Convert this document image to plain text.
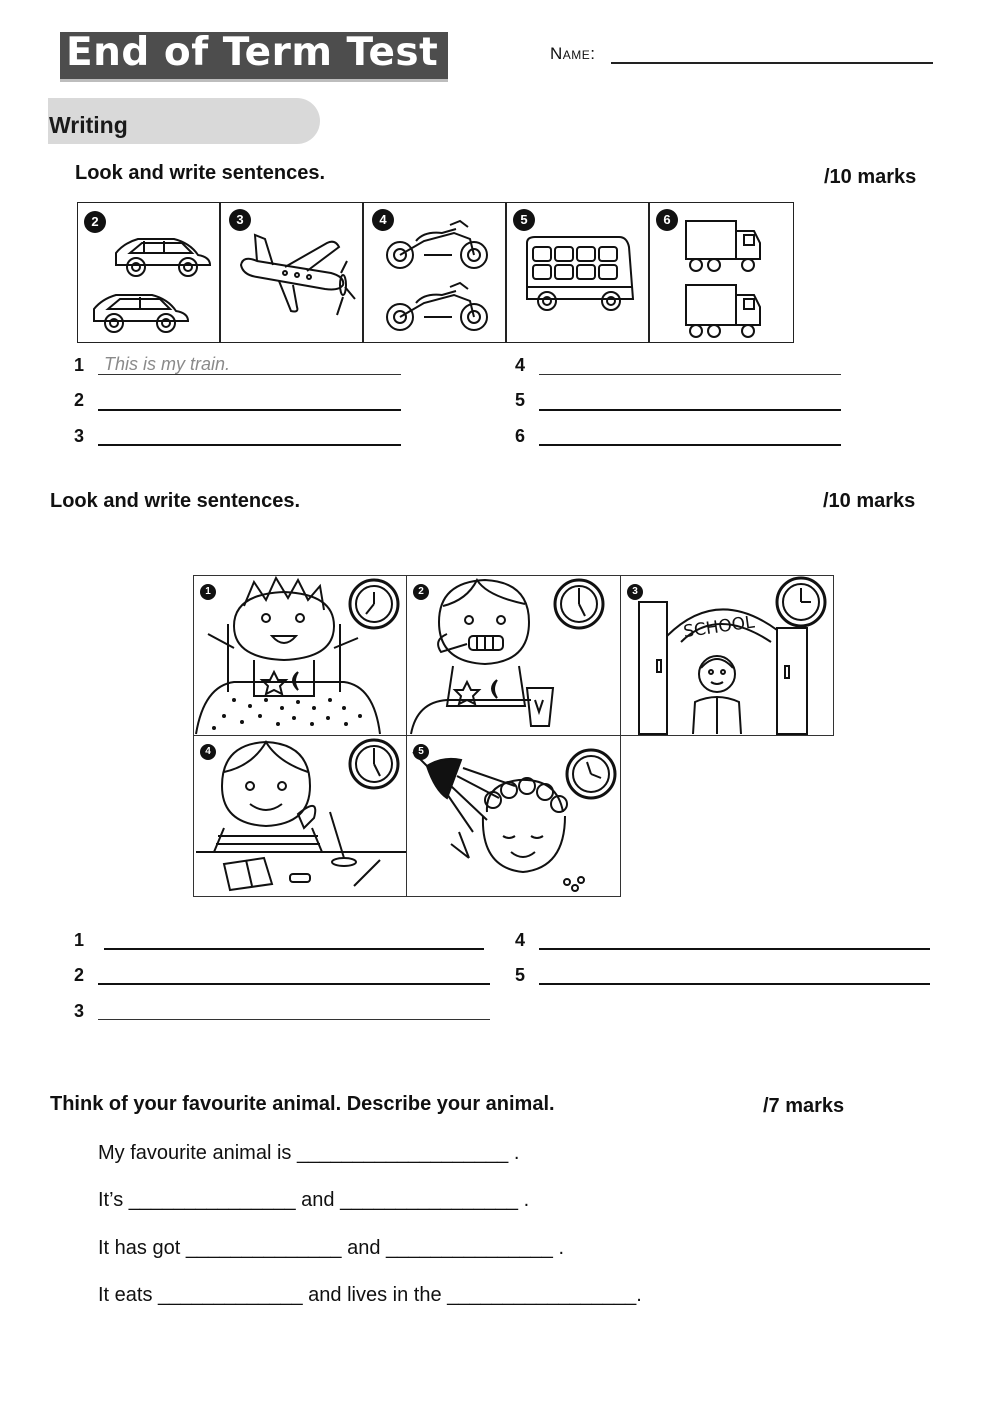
End of Term Test	Name:
Writing
Look and write sentences.	/10 marks
2	3	4	5	6
1 This is my train.
2
3
4
5
6
Look and write sentences.	/10 marks
1	2	3
SCHOOL
4	5
1
2
3
4
5
Think of your favourite animal. Describe your animal.	/7 marks
My favourite animal is ___________________ .
It’s _______________ and ________________ .
It has got ______________ and _______________ .
It eats _____________ and lives in the _________________.
